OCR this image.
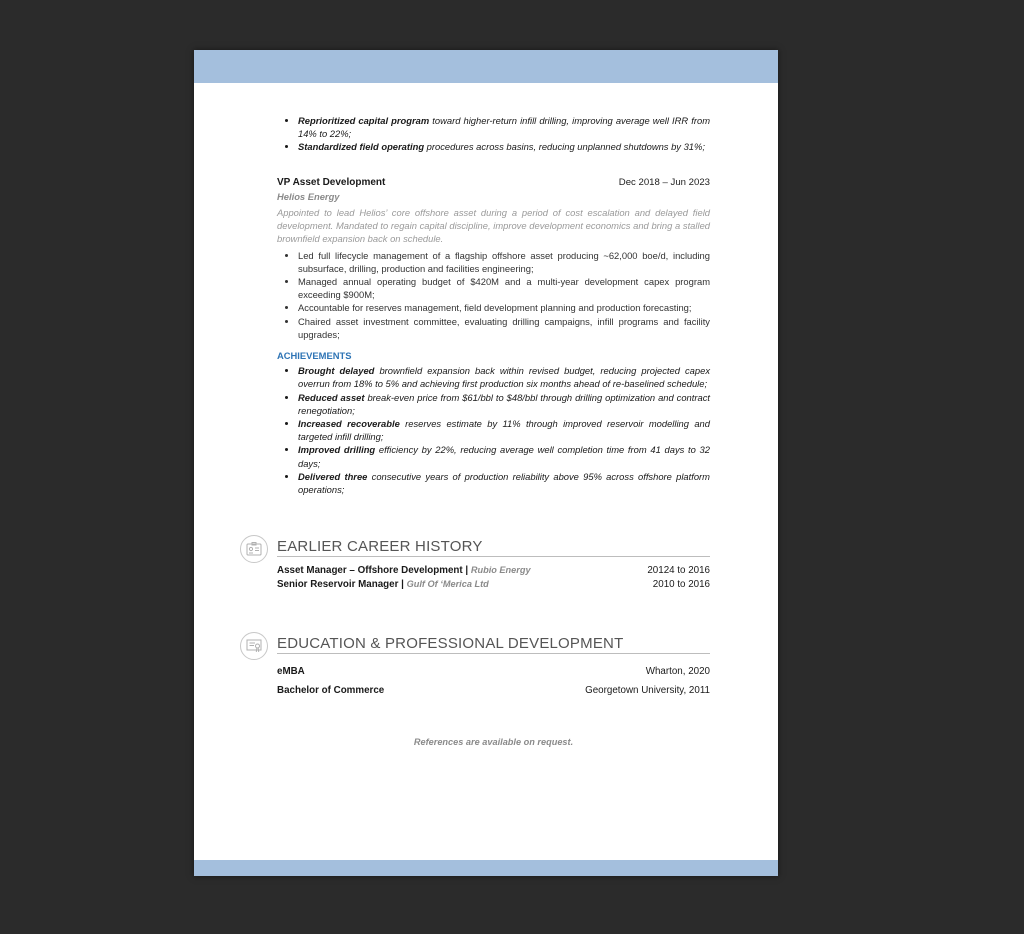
• Reprioritized capital program toward higher-return infill drilling, improving average well IRR from 14% to 22%;
• Standardized field operating procedures across basins, reducing unplanned shutdowns by 31%;
VP Asset Development	Dec 2018 – Jun 2023
Helios Energy
Appointed to lead Helios’ core offshore asset during a period of cost escalation and delayed field development. Mandated to regain capital discipline, improve development economics and bring a stalled brownfield expansion back on schedule.
• Led full lifecycle management of a flagship offshore asset producing ~62,000 boe/d, including subsurface, drilling, production and facilities engineering;
• Managed annual operating budget of $420M and a multi-year development capex program exceeding $900M;
• Accountable for reserves management, field development planning and production forecasting;
• Chaired asset investment committee, evaluating drilling campaigns, infill programs and facility upgrades;
ACHIEVEMENTS
• Brought delayed brownfield expansion back within revised budget, reducing projected capex overrun from 18% to 5% and achieving first production six months ahead of re-baselined schedule;
• Reduced asset break-even price from $61/bbl to $48/bbl through drilling optimization and contract renegotiation;
• Increased recoverable reserves estimate by 11% through improved reservoir modelling and targeted infill drilling;
• Improved drilling efficiency by 22%, reducing average well completion time from 41 days to 32 days;
• Delivered three consecutive years of production reliability above 95% across offshore platform operations;
EARLIER CAREER HISTORY
Asset Manager – Offshore Development | Rubio Energy	20124 to 2016
Senior Reservoir Manager | Gulf Of ‘Merica Ltd	2010 to 2016
EDUCATION & PROFESSIONAL DEVELOPMENT
eMBA	Wharton, 2020
Bachelor of Commerce	Georgetown University, 2011
References are available on request.
